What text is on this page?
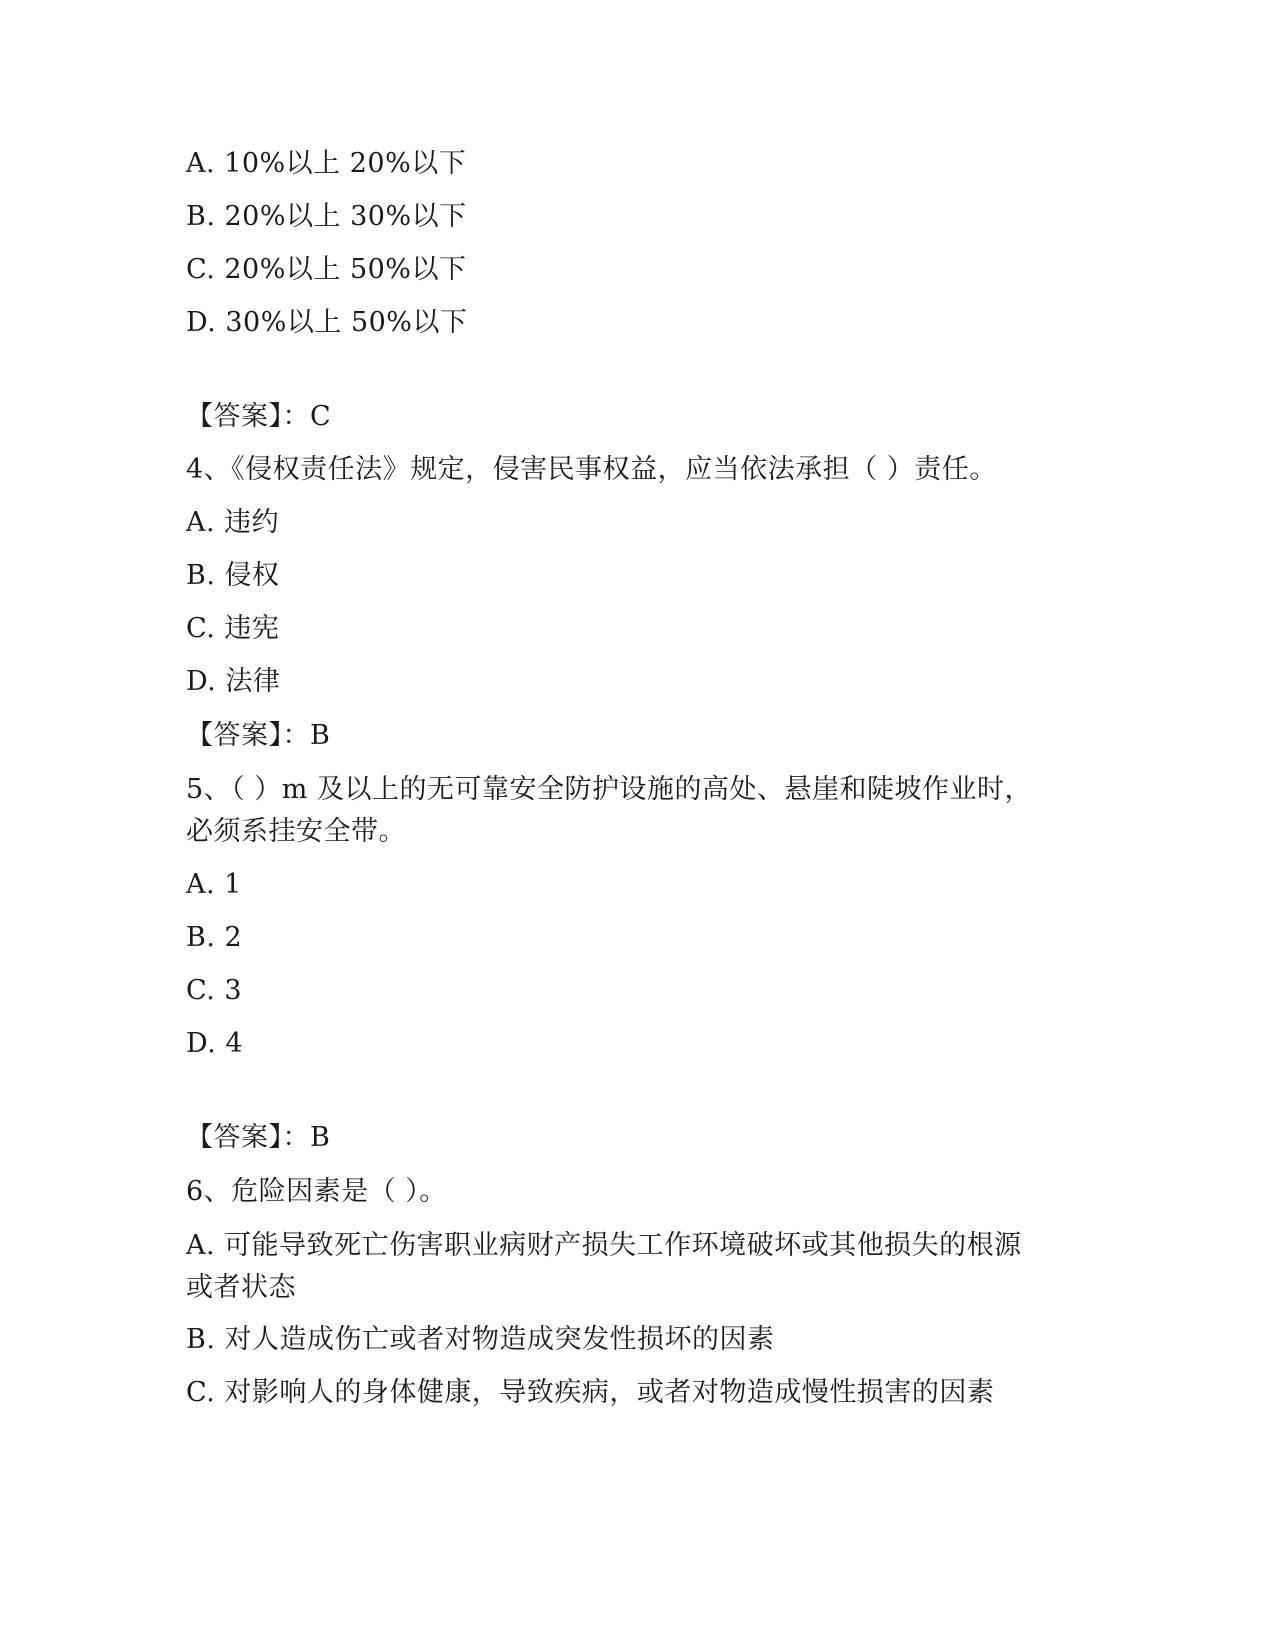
A. 10%以上 20%以下
B. 20%以上 30%以下
C. 20%以上 50%以下
D. 30%以上 50%以下
【答案】：C
4、《侵权责任法》规定，侵害民事权益，应当依法承担（ ）责任。
A. 违约
B. 侵权
C. 违宪
D. 法律
【答案】：B
5、（ ）m 及以上的无可靠安全防护设施的高处、悬崖和陡坡作业时，
必须系挂安全带。
A. 1
B. 2
C. 3
D. 4
【答案】：B
6、危险因素是（ ）。
A. 可能导致死亡伤害职业病财产损失工作环境破坏或其他损失的根源
或者状态
B. 对人造成伤亡或者对物造成突发性损坏的因素
C. 对影响人的身体健康，导致疾病，或者对物造成慢性损害的因素
